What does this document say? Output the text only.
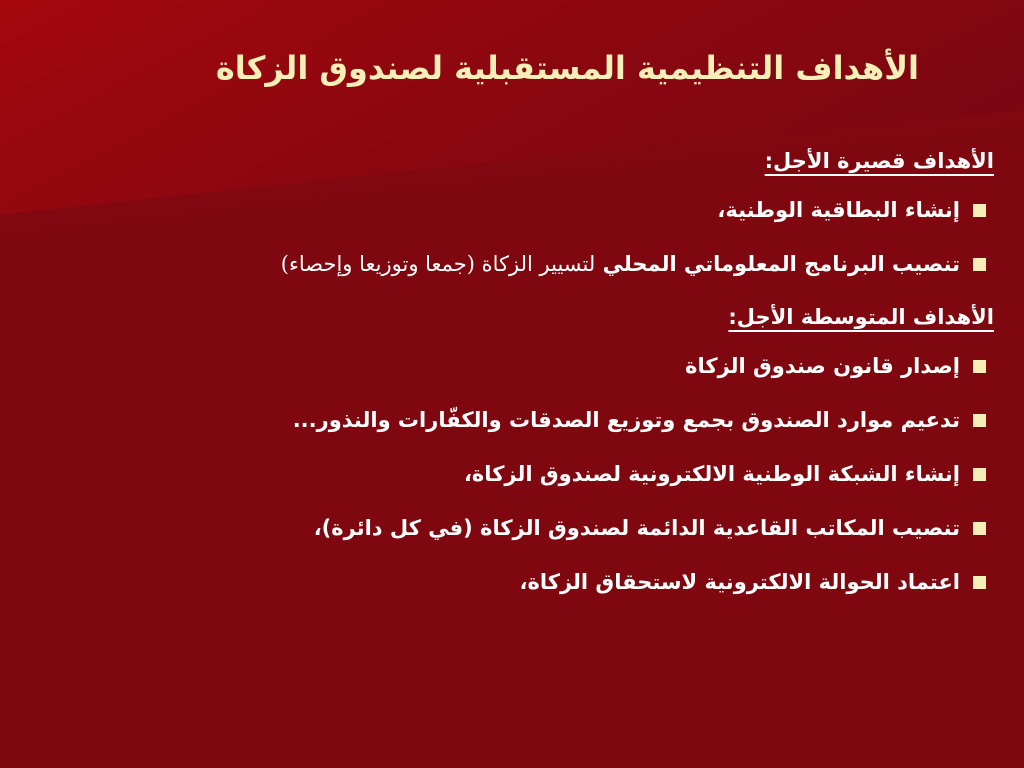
الأهداف التنظيمية المستقبلية لصندوق الزكاة
الأهداف قصيرة الأجل:
إنشاء البطاقية الوطنية،
تنصيب البرنامج المعلوماتي المحلي لتسيير الزكاة (جمعا وتوزيعا وإحصاء)
الأهداف المتوسطة الأجل:
إصدار قانون صندوق الزكاة
تدعيم موارد الصندوق بجمع وتوزيع الصدقات والكفّارات والنذور...
إنشاء الشبكة الوطنية الالكترونية لصندوق الزكاة،
تنصيب المكاتب القاعدية الدائمة لصندوق الزكاة (في كل دائرة)،
اعتماد الحوالة الالكترونية لاستحقاق الزكاة،
